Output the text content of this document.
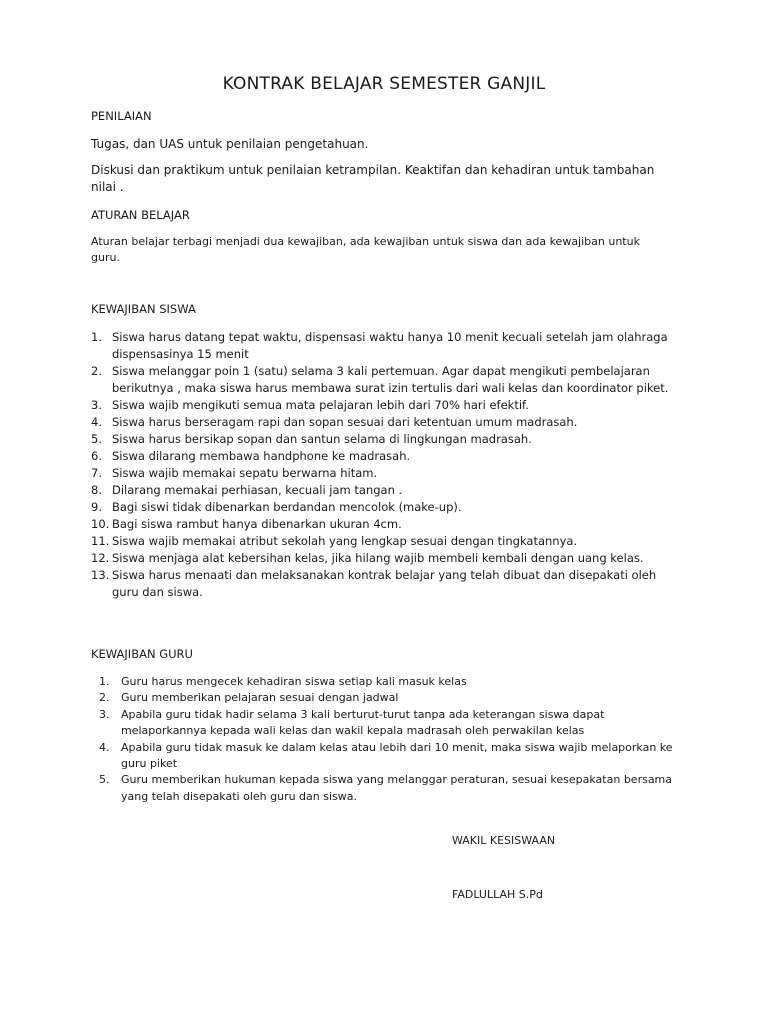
KONTRAK BELAJAR SEMESTER GANJIL
PENILAIAN
Tugas, dan UAS untuk penilaian pengetahuan.
Diskusi dan praktikum untuk penilaian ketrampilan. Keaktifan dan kehadiran untuk tambahan nilai .
ATURAN BELAJAR
Aturan belajar terbagi menjadi dua kewajiban, ada kewajiban untuk siswa dan ada kewajiban untuk guru.
KEWAJIBAN SISWA
1. Siswa harus datang tepat waktu, dispensasi waktu hanya 10 menit kecuali setelah jam olahraga dispensasinya 15 menit
2. Siswa melanggar poin 1 (satu) selama 3 kali pertemuan. Agar dapat mengikuti pembelajaran berikutnya , maka siswa harus membawa surat izin tertulis dari wali kelas dan koordinator piket.
3. Siswa wajib mengikuti semua mata pelajaran lebih dari 70% hari efektif.
4. Siswa harus berseragam rapi dan sopan sesuai dari ketentuan umum madrasah.
5. Siswa harus bersikap sopan dan santun selama di lingkungan madrasah.
6. Siswa dilarang membawa handphone ke madrasah.
7. Siswa wajib memakai sepatu berwarna hitam.
8. Dilarang memakai perhiasan, kecuali jam tangan .
9. Bagi siswi tidak dibenarkan berdandan mencolok (make-up).
10. Bagi siswa rambut hanya dibenarkan ukuran 4cm.
11. Siswa wajib memakai atribut sekolah yang lengkap sesuai dengan tingkatannya.
12. Siswa menjaga alat kebersihan kelas, jika hilang wajib membeli kembali dengan uang kelas.
13. Siswa harus menaati dan melaksanakan kontrak belajar yang telah dibuat dan disepakati oleh guru dan siswa.
KEWAJIBAN GURU
1. Guru harus mengecek kehadiran siswa setiap kali masuk kelas
2. Guru memberikan pelajaran sesuai dengan jadwal
3. Apabila guru tidak hadir selama 3 kali berturut-turut tanpa ada keterangan siswa dapat melaporkannya kepada wali kelas dan wakil kepala madrasah oleh perwakilan kelas
4. Apabila guru tidak masuk ke dalam kelas atau lebih dari 10 menit, maka siswa wajib melaporkan ke guru piket
5. Guru memberikan hukuman kepada siswa yang melanggar peraturan, sesuai kesepakatan bersama yang telah disepakati oleh guru dan siswa.
WAKIL KESISWAAN
FADLULLAH S.Pd
